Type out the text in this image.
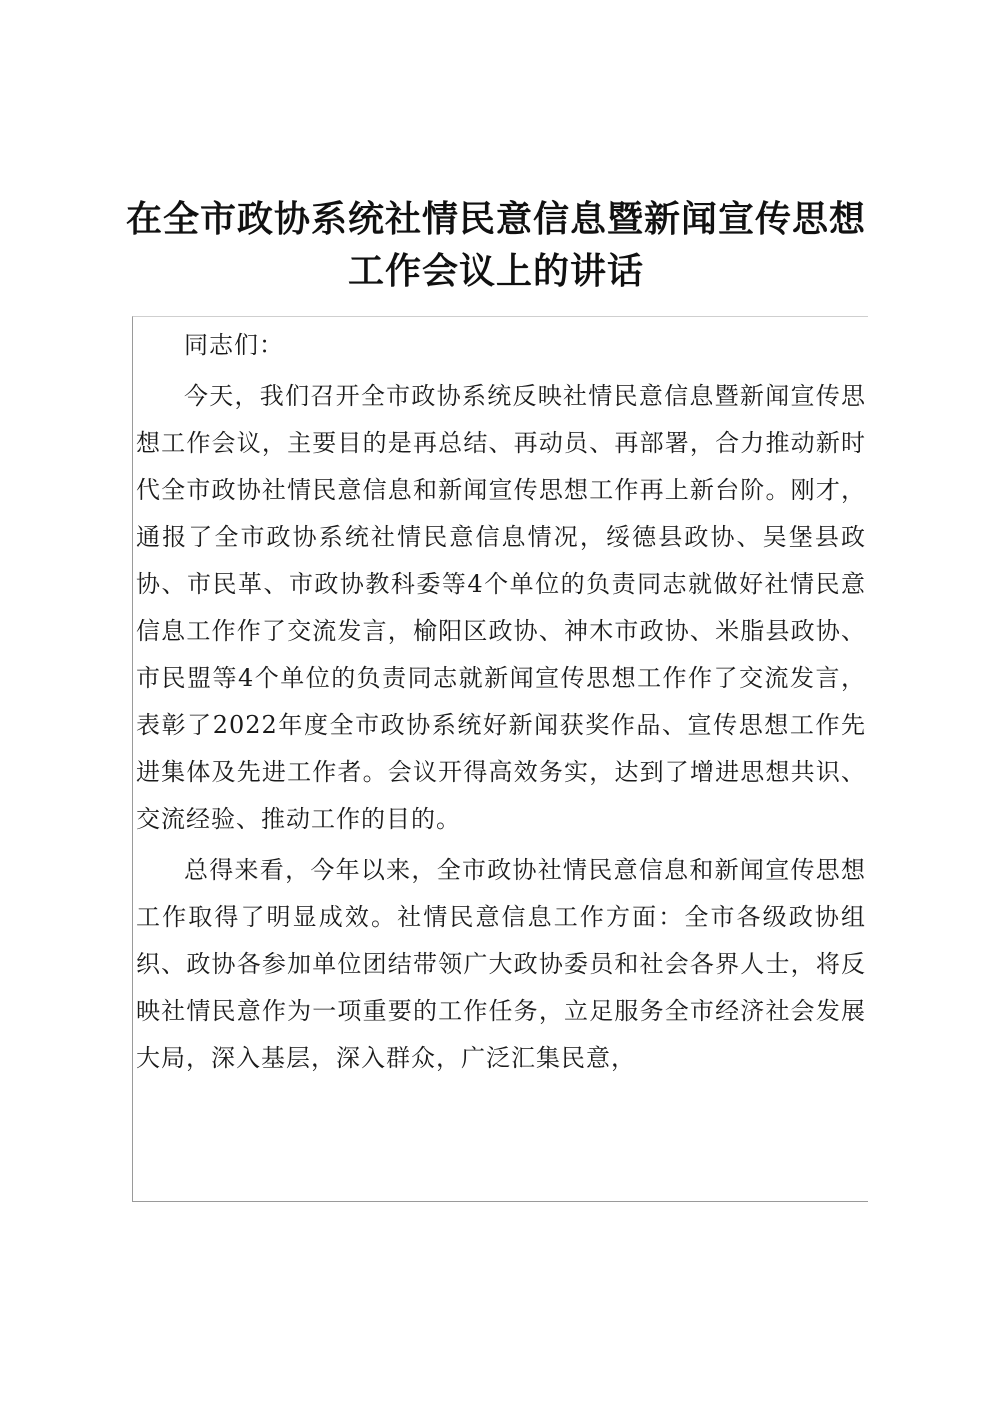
在全市政协系统社情民意信息暨新闻宣传思想
工作会议上的讲话

同志们：

今天，我们召开全市政协系统反映社情民意信息暨新闻宣传思想工作会议，主要目的是再总结、再动员、再部署，合力推动新时代全市政协社情民意信息和新闻宣传思想工作再上新台阶。刚才，通报了全市政协系统社情民意信息情况，绥德县政协、吴堡县政协、市民革、市政协教科委等4个单位的负责同志就做好社情民意信息工作作了交流发言，榆阳区政协、神木市政协、米脂县政协、市民盟等4个单位的负责同志就新闻宣传思想工作作了交流发言，表彰了2022年度全市政协系统好新闻获奖作品、宣传思想工作先进集体及先进工作者。会议开得高效务实，达到了增进思想共识、交流经验、推动工作的目的。

总得来看，今年以来，全市政协社情民意信息和新闻宣传思想工作取得了明显成效。社情民意信息工作方面：全市各级政协组织、政协各参加单位团结带领广大政协委员和社会各界人士，将反映社情民意作为一项重要的工作任务，立足服务全市经济社会发展大局，深入基层，深入群众，广泛汇集民意，
